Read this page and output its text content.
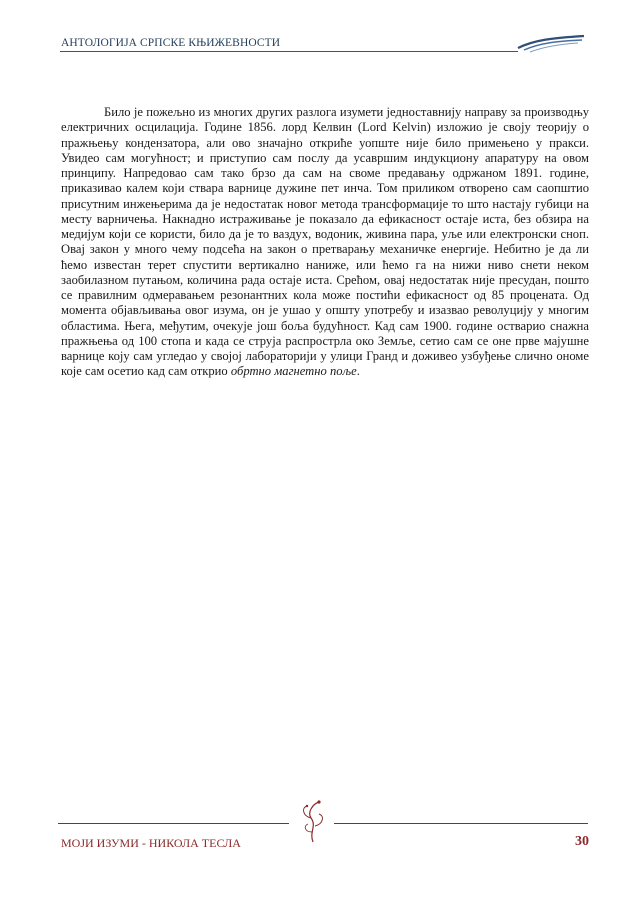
АНТОЛОГИЈА СРПСКЕ КЊИЖЕВНОСТИ

Било је пожељно из многих других разлога изумети једноставнију направу за производњу електричних осцилација. Године 1856. лорд Келвин (Lord Kelvin) изложио је своју теорију о пражњењу кондензатора, али ово значајно откриће уопште није било примењено у пракси. Увидео сам могућност; и приступио сам послу да усавршим индукциону апаратуру на овом принципу. Напредовао сам тако брзо да сам на своме предавању одржаном 1891. године, приказивао калем који ствара варнице дужине пет инча. Том приликом отворено сам саопштио присутним инжењерима да је недостатак новог метода трансформације то што настају губици на месту варничења. Накнадно истраживање је показало да ефикасност остаје иста, без обзира на медијум који се користи, било да је то ваздух, водоник, живина пара, уље или електронски сноп. Овај закон у много чему подсећа на закон о претварању механичке енергије. Небитно је да ли ћемо известан терет спустити вертикално наниже, или ћемо га на нижи ниво снети неком заобилазном путањом, количина рада остаје иста. Срећом, овај недостатак није пресудан, пошто се правилним одмеравањем резонантних кола може постићи ефикасност од 85 процената. Од момента објављивања овог изума, он је ушао у општу употребу и изазвао револуцију у многим областима. Њега, међутим, очекује још боља будућност. Кад сам 1900. године остварио снажна пражњења од 100 стопа и када се струја распрострла око Земље, сетио сам се оне прве мајушне варнице коју сам угледао у својој лабораторији у улици Гранд и доживео узбуђење слично ономе које сам осетио кад сам открио обртно магнетно поље.

МОЈИ ИЗУМИ - НИКОЛА ТЕСЛА	30
